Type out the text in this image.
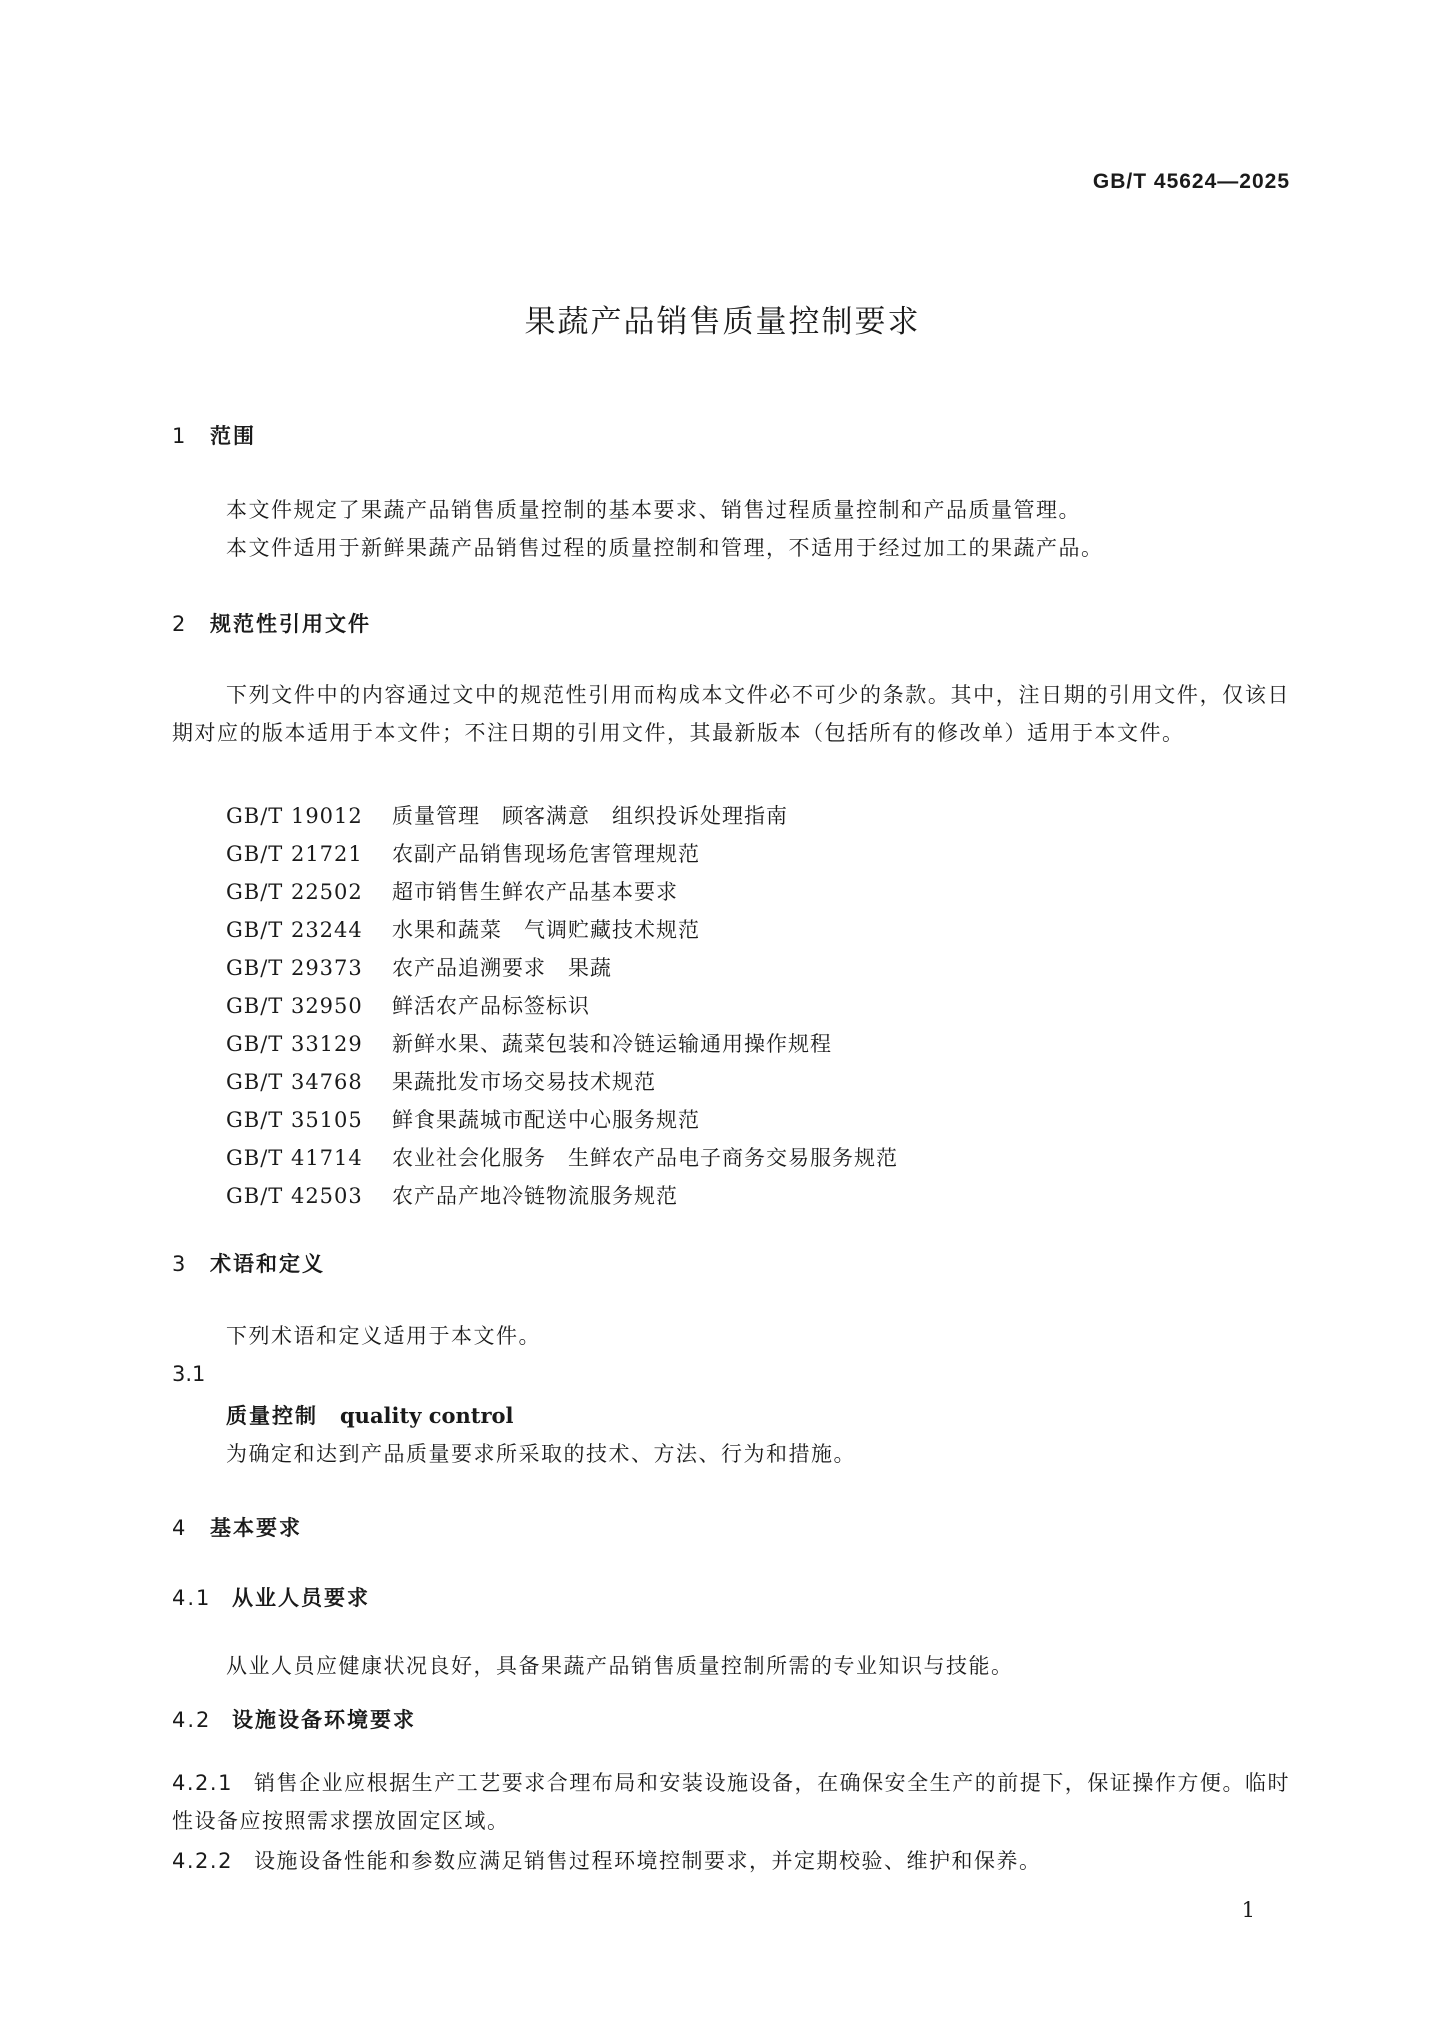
GB/T 45624—2025
果蔬产品销售质量控制要求
1 范围
本文件规定了果蔬产品销售质量控制的基本要求、销售过程质量控制和产品质量管理。
本文件适用于新鲜果蔬产品销售过程的质量控制和管理，不适用于经过加工的果蔬产品。
2 规范性引用文件
下列文件中的内容通过文中的规范性引用而构成本文件必不可少的条款。其中，注日期的引用文件，仅该日期对应的版本适用于本文件；不注日期的引用文件，其最新版本（包括所有的修改单）适用于本文件。
GB/T 19012 质量管理　顾客满意　组织投诉处理指南
GB/T 21721 农副产品销售现场危害管理规范
GB/T 22502 超市销售生鲜农产品基本要求
GB/T 23244 水果和蔬菜　气调贮藏技术规范
GB/T 29373 农产品追溯要求　果蔬
GB/T 32950 鲜活农产品标签标识
GB/T 33129 新鲜水果、蔬菜包装和冷链运输通用操作规程
GB/T 34768 果蔬批发市场交易技术规范
GB/T 35105 鲜食果蔬城市配送中心服务规范
GB/T 41714 农业社会化服务　生鲜农产品电子商务交易服务规范
GB/T 42503 农产品产地冷链物流服务规范
3 术语和定义
下列术语和定义适用于本文件。
3.1
质量控制 quality control
为确定和达到产品质量要求所采取的技术、方法、行为和措施。
4 基本要求
4.1 从业人员要求
从业人员应健康状况良好，具备果蔬产品销售质量控制所需的专业知识与技能。
4.2 设施设备环境要求
4.2.1 销售企业应根据生产工艺要求合理布局和安装设施设备，在确保安全生产的前提下，保证操作方便。临时性设备应按照需求摆放固定区域。
4.2.2 设施设备性能和参数应满足销售过程环境控制要求，并定期校验、维护和保养。
1
